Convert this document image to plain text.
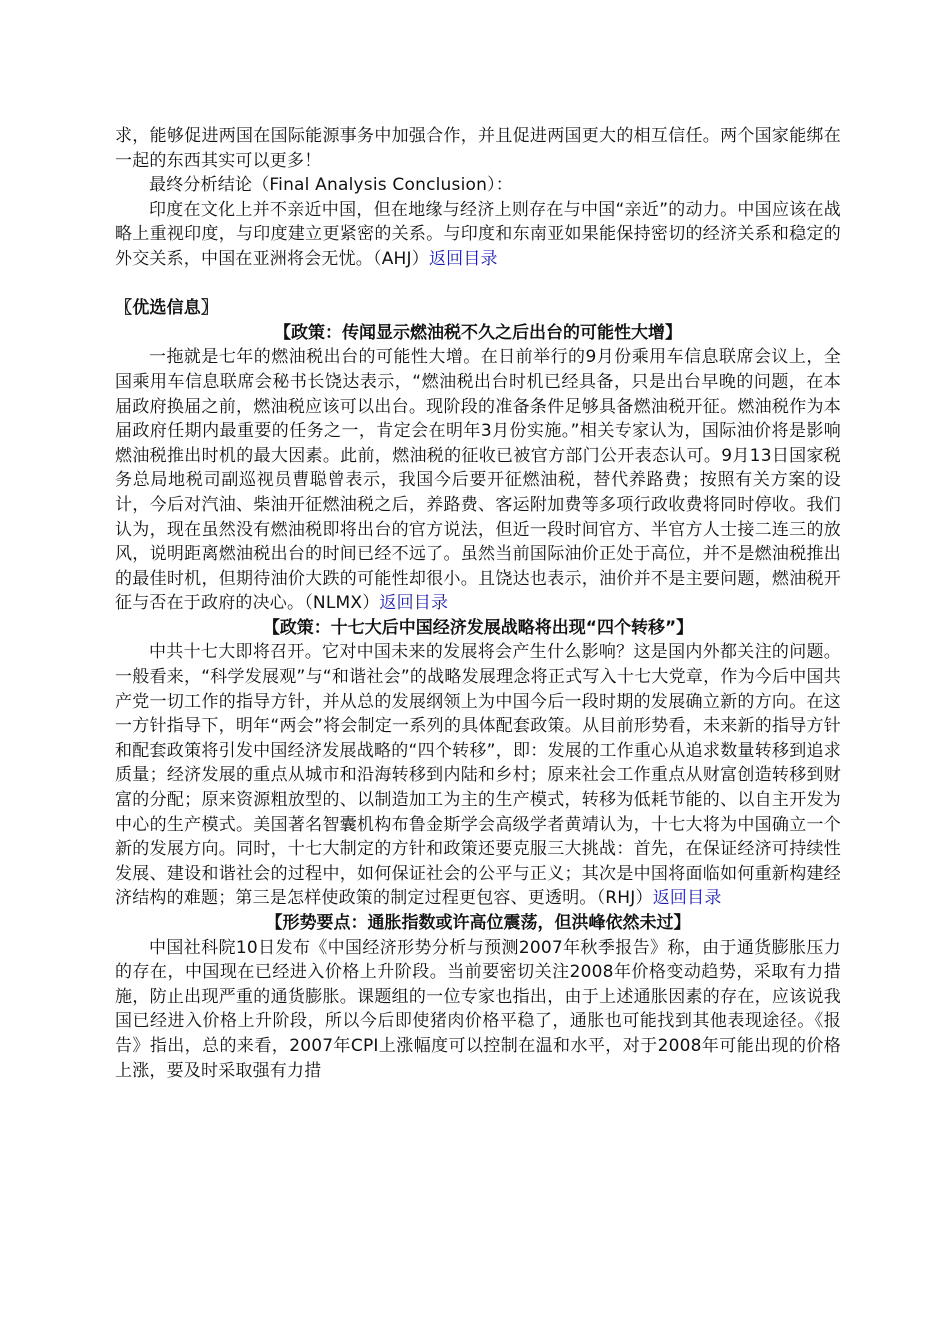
求，能够促进两国在国际能源事务中加强合作，并且促进两国更大的相互信任。两个国家能绑在一起的东西其实可以更多！

最终分析结论（Final Analysis Conclusion）：

印度在文化上并不亲近中国，但在地缘与经济上则存在与中国“亲近”的动力。中国应该在战略上重视印度，与印度建立更紧密的关系。与印度和东南亚如果能保持密切的经济关系和稳定的外交关系，中国在亚洲将会无忧。（AHJ）返回目录

〖优选信息〗

【政策：传闻显示燃油税不久之后出台的可能性大增】

一拖就是七年的燃油税出台的可能性大增。在日前举行的9月份乘用车信息联席会议上，全国乘用车信息联席会秘书长饶达表示，“燃油税出台时机已经具备，只是出台早晚的问题，在本届政府换届之前，燃油税应该可以出台。现阶段的准备条件足够具备燃油税开征。燃油税作为本届政府任期内最重要的任务之一，肯定会在明年3月份实施。”相关专家认为，国际油价将是影响燃油税推出时机的最大因素。此前，燃油税的征收已被官方部门公开表态认可。9月13日国家税务总局地税司副巡视员曹聪曾表示，我国今后要开征燃油税，替代养路费；按照有关方案的设计，今后对汽油、柴油开征燃油税之后，养路费、客运附加费等多项行政收费将同时停收。我们认为，现在虽然没有燃油税即将出台的官方说法，但近一段时间官方、半官方人士接二连三的放风，说明距离燃油税出台的时间已经不远了。虽然当前国际油价正处于高位，并不是燃油税推出的最佳时机，但期待油价大跌的可能性却很小。且饶达也表示，油价并不是主要问题，燃油税开征与否在于政府的决心。（NLMX）返回目录

【政策：十七大后中国经济发展战略将出现“四个转移”】

中共十七大即将召开。它对中国未来的发展将会产生什么影响？这是国内外都关注的问题。一般看来，“科学发展观”与“和谐社会”的战略发展理念将正式写入十七大党章，作为今后中国共产党一切工作的指导方针，并从总的发展纲领上为中国今后一段时期的发展确立新的方向。在这一方针指导下，明年“两会”将会制定一系列的具体配套政策。从目前形势看，未来新的指导方针和配套政策将引发中国经济发展战略的“四个转移”，即：发展的工作重心从追求数量转移到追求质量；经济发展的重点从城市和沿海转移到内陆和乡村；原来社会工作重点从财富创造转移到财富的分配；原来资源粗放型的、以制造加工为主的生产模式，转移为低耗节能的、以自主开发为中心的生产模式。美国著名智囊机构布鲁金斯学会高级学者黄靖认为，十七大将为中国确立一个新的发展方向。同时，十七大制定的方针和政策还要克服三大挑战：首先，在保证经济可持续性发展、建设和谐社会的过程中，如何保证社会的公平与正义；其次是中国将面临如何重新构建经济结构的难题；第三是怎样使政策的制定过程更包容、更透明。（RHJ）返回目录

【形势要点：通胀指数或许高位震荡，但洪峰依然未过】

中国社科院10日发布《中国经济形势分析与预测2007年秋季报告》称，由于通货膨胀压力的存在，中国现在已经进入价格上升阶段。当前要密切关注2008年价格变动趋势，采取有力措施，防止出现严重的通货膨胀。课题组的一位专家也指出，由于上述通胀因素的存在，应该说我国已经进入价格上升阶段，所以今后即使猪肉价格平稳了，通胀也可能找到其他表现途径。《报告》指出，总的来看，2007年CPI上涨幅度可以控制在温和水平，对于2008年可能出现的价格上涨，要及时采取强有力措
